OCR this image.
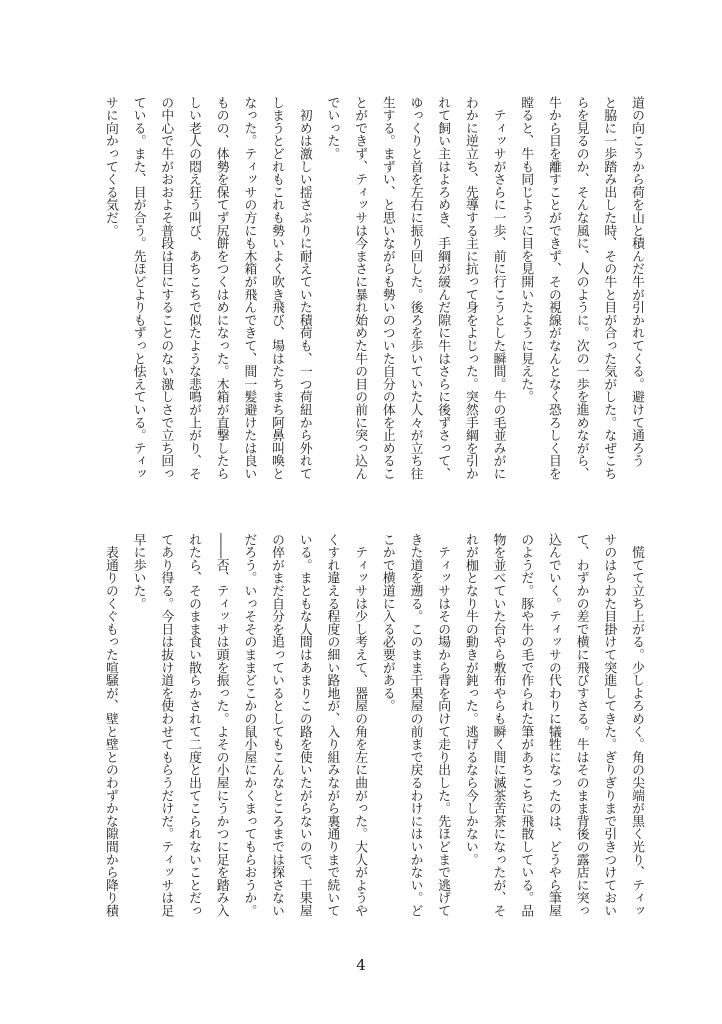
道の向こうから荷を山と積んだ牛が引かれてくる。避けて通ろう
と脇に一歩踏み出した時、その牛と目が合った気がした。なぜこち
らを見るのか、そんな風に、人のように。次の一歩を進めながら、
牛から目を離すことができず、その視線がなんとなく恐ろしく目を
瞠ると、牛も同じように目を見開いたように見えた。
　ティッサがさらに一歩、前に行こうとした瞬間。牛の毛並みがに
わかに逆立ち、先導する主に抗って身をよじった。突然手綱を引か
れて飼い主はよろめき、手綱が緩んだ隙に牛はさらに後ずさって、
ゆっくりと首を左右に振り回した。後ろを歩いていた人々が立ち往
生する。まずい、と思いながらも勢いのついた自分の体を止めるこ
とができず、ティッサは今まさに暴れ始めた牛の目の前に突っ込ん
でいった。
　初めは激しい揺さぶりに耐えていた積荷も、一つ荷紐から外れて
しまうとどれもこれも勢いよく吹き飛び、場はたちまち阿鼻叫喚と
なった。ティッサの方にも木箱が飛んできて、間一髪避けたは良い
ものの、体勢を保てず尻餅をつくはめになった。木箱が直撃したら
しい老人の悶え狂う叫び、あちこちで似たような悲鳴が上がり、そ
の中心で牛がおおよそ普段は目にすることのない激しさで立ち回っ
ている。また、目が合う。先ほどよりもずっと怯えている。ティッ
サに向かってくる気だ。
　慌てて立ち上がる。少しよろめく。角の尖端が黒く光り、ティッ
サのはらわた目掛けて突進してきた。ぎりぎりまで引きつけておい
て、わずかの差で横に飛びすさる。牛はそのまま背後の露店に突っ
込んでいく。ティッサの代わりに犠牲になったのは、どうやら筆屋
のようだ。豚や牛の毛で作られた筆があちこちに飛散している。品
物を並べていた台やら敷布やらも瞬く間に滅茶苦茶になったが、そ
れが枷となり牛の動きが鈍った。逃げるなら今しかない。
　ティッサはその場から背を向けて走り出した。先ほどまで逃げて
きた道を遡る。このまま干果屋の前まで戻るわけにはいかない。ど
こかで横道に入る必要がある。
　ティッサは少し考えて、器屋の角を左に曲がった。大人がようや
くすれ違える程度の細い路地が、入り組みながら裏通りまで続いて
いる。まともな人間はあまりこの路を使いたがらないので、干果屋
の倅がまだ自分を追っているとしてもこんなところまでは探さない
だろう。いっそそのままどこかの鼠小屋にかくまってもらおうか。
――否、ティッサは頭を振った。よその小屋にうかつに足を踏み入
れたら、そのまま食い散らかされて二度と出てこられないことだっ
てあり得る。今日は抜け道を使わせてもらうだけだ。ティッサは足
早に歩いた。
　表通りのくぐもった喧騒が、壁と壁とのわずかな隙間から降り積
4
